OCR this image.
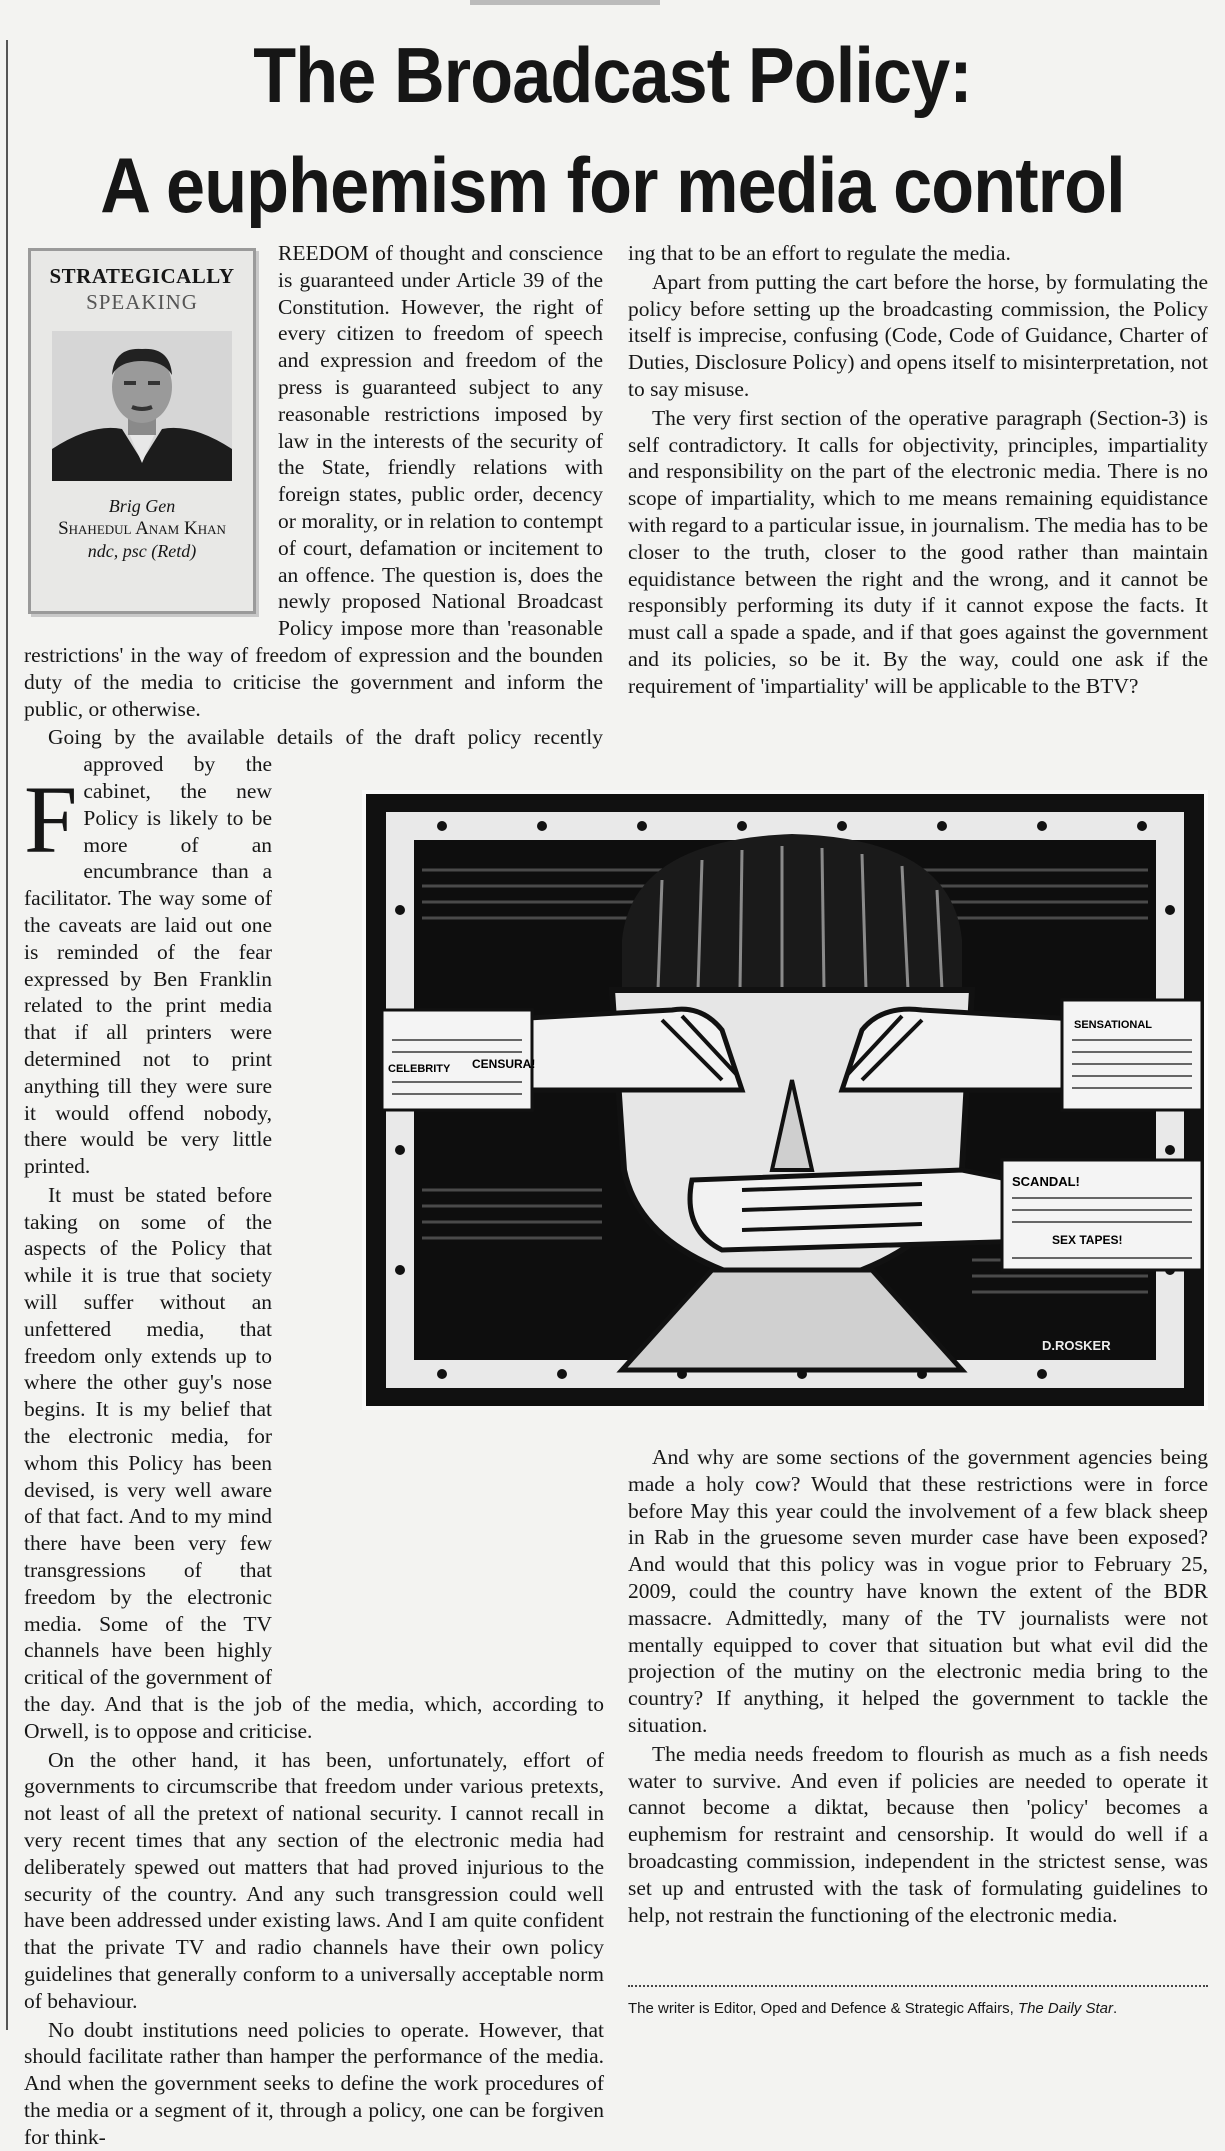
The Broadcast Policy:
A euphemism for media control
STRATEGICALLY
SPEAKING
Brig Gen
Shahedul Anam Khan
ndc, psc (Retd)

F
REEDOM of thought and conscience is guaranteed under Article 39 of the Constitution. However, the right of every citizen to freedom of speech and expression and freedom of the press is guaranteed subject to any reasonable restrictions imposed by law in the interests of the security of the State, friendly relations with foreign states, public order, decency or morality, or in relation to contempt of court, defamation or incitement to an offence. The question is, does the newly proposed National Broadcast Policy impose more than 'reasonable restrictions' in the way of freedom of expression and the bounden duty of the media to criticise the government and inform the public, or otherwise.

Going by the available details of the draft policy recently approved by the cabinet, the new Policy is likely to be more of an encumbrance than a facilitator. The way some of the caveats are laid out one is reminded of the fear expressed by Ben Franklin related to the print media that if all printers were determined not to print anything till they were sure it would offend nobody, there would be very little printed.

It must be stated before taking on some of the aspects of the Policy that while it is true that society will suffer without an unfettered media, that freedom only extends up to where the other guy's nose begins. It is my belief that the electronic media, for whom this Policy has been devised, is very well aware of that fact. And to my mind there have been very few transgressions of that freedom by the electronic media. Some of the TV channels have been highly critical of the government of the day. And that is the job of the media, which, according to Orwell, is to oppose and criticise.

On the other hand, it has been, unfortunately, effort of governments to circumscribe that freedom under various pretexts, not least of all the pretext of national security. I cannot recall in very recent times that any section of the electronic media had deliberately spewed out matters that had proved injurious to the security of the country. And any such transgression could well have been addressed under existing laws. And I am quite confident that the private TV and radio channels have their own policy guidelines that generally conform to a universally acceptable norm of behaviour.

No doubt institutions need policies to operate. However, that should facilitate rather than hamper the performance of the media. And when the government seeks to define the work procedures of the media or a segment of it, through a policy, one can be forgiven for think-

ing that to be an effort to regulate the media.

Apart from putting the cart before the horse, by formulating the policy before setting up the broadcasting commission, the Policy itself is imprecise, confusing (Code, Code of Guidance, Charter of Duties, Disclosure Policy) and opens itself to misinterpretation, not to say misuse.

The very first section of the operative paragraph (Section-3) is self contradictory. It calls for objectivity, principles, impartiality and responsibility on the part of the electronic media. There is no scope of impartiality, which to me means remaining equidistance with regard to a particular issue, in journalism. The media has to be closer to the truth, closer to the good rather than maintain equidistance between the right and the wrong, and it cannot be responsibly performing its duty if it cannot expose the facts. It must call a spade a spade, and if that goes against the government and its policies, so be it. By the way, could one ask if the requirement of 'impartiality' will be applicable to the BTV?

CENSURA!
CELEBRITY
SENSATIONAL
SCANDAL!
SEX TAPES!
D.ROSKER

And why are some sections of the government agencies being made a holy cow? Would that these restrictions were in force before May this year could the involvement of a few black sheep in Rab in the gruesome seven murder case have been exposed? And would that this policy was in vogue prior to February 25, 2009, could the country have known the extent of the BDR massacre. Admittedly, many of the TV journalists were not mentally equipped to cover that situation but what evil did the projection of the mutiny on the electronic media bring to the country? If anything, it helped the government to tackle the situation.

The media needs freedom to flourish as much as a fish needs water to survive. And even if policies are needed to operate it cannot become a diktat, because then 'policy' becomes a euphemism for restraint and censorship. It would do well if a broadcasting commission, independent in the strictest sense, was set up and entrusted with the task of formulating guidelines to help, not restrain the functioning of the electronic media.

The writer is Editor, Oped and Defence & Strategic Affairs, The Daily Star.
